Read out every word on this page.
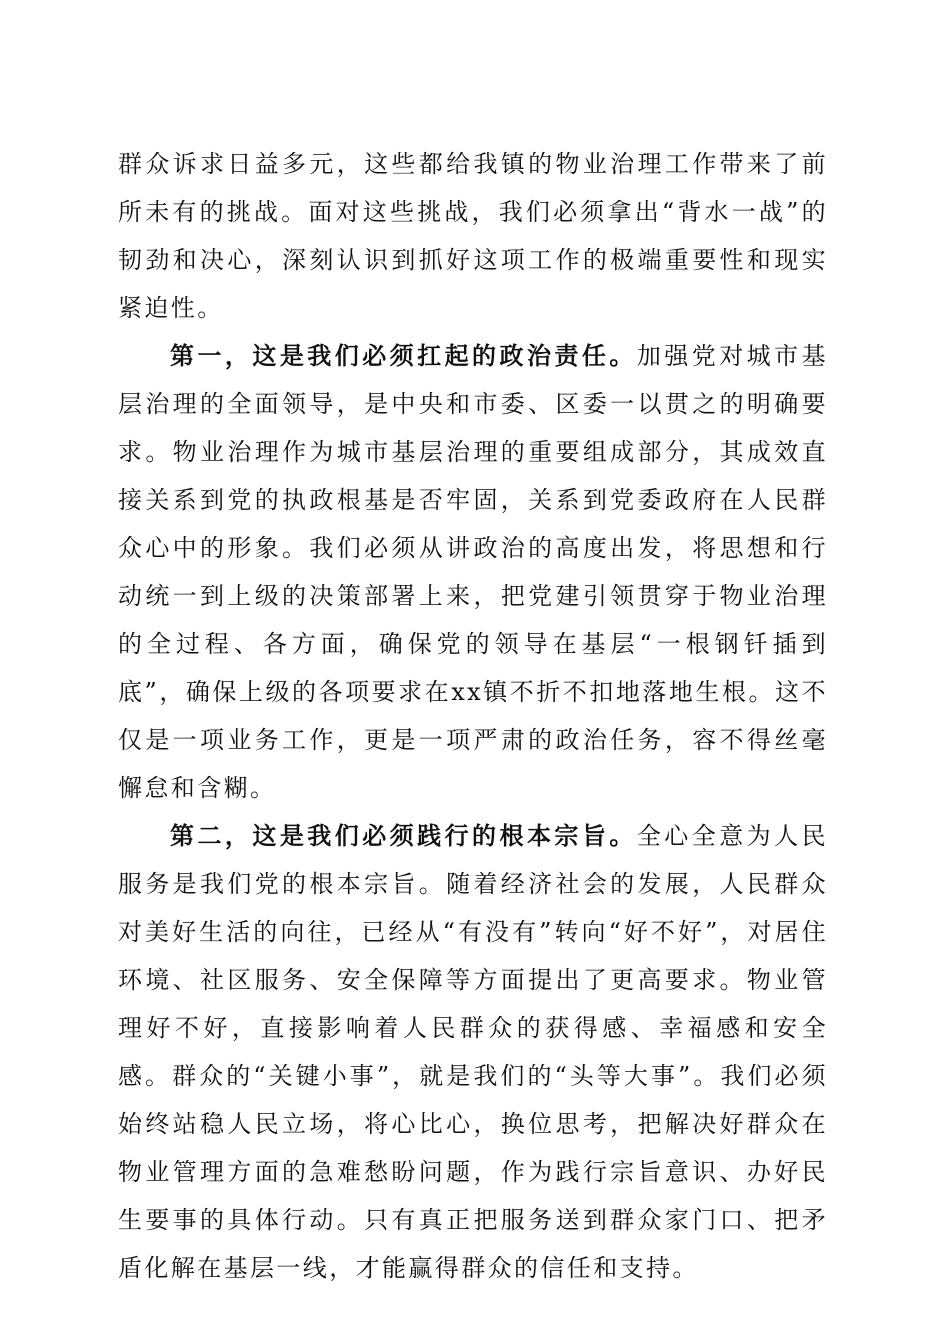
群众诉求日益多元，这些都给我镇的物业治理工作带来了前所未有的挑战。面对这些挑战，我们必须拿出“背水一战”的韧劲和决心，深刻认识到抓好这项工作的极端重要性和现实紧迫性。

第一，这是我们必须扛起的政治责任。加强党对城市基层治理的全面领导，是中央和市委、区委一以贯之的明确要求。物业治理作为城市基层治理的重要组成部分，其成效直接关系到党的执政根基是否牢固，关系到党委政府在人民群众心中的形象。我们必须从讲政治的高度出发，将思想和行动统一到上级的决策部署上来，把党建引领贯穿于物业治理的全过程、各方面，确保党的领导在基层“一根钢钎插到底”，确保上级的各项要求在xx镇不折不扣地落地生根。这不仅是一项业务工作，更是一项严肃的政治任务，容不得丝毫懈怠和含糊。

第二，这是我们必须践行的根本宗旨。全心全意为人民服务是我们党的根本宗旨。随着经济社会的发展，人民群众对美好生活的向往，已经从“有没有”转向“好不好”，对居住环境、社区服务、安全保障等方面提出了更高要求。物业管理好不好，直接影响着人民群众的获得感、幸福感和安全感。群众的“关键小事”，就是我们的“头等大事”。我们必须始终站稳人民立场，将心比心，换位思考，把解决好群众在物业管理方面的急难愁盼问题，作为践行宗旨意识、办好民生要事的具体行动。只有真正把服务送到群众家门口、把矛盾化解在基层一线，才能赢得群众的信任和支持。
